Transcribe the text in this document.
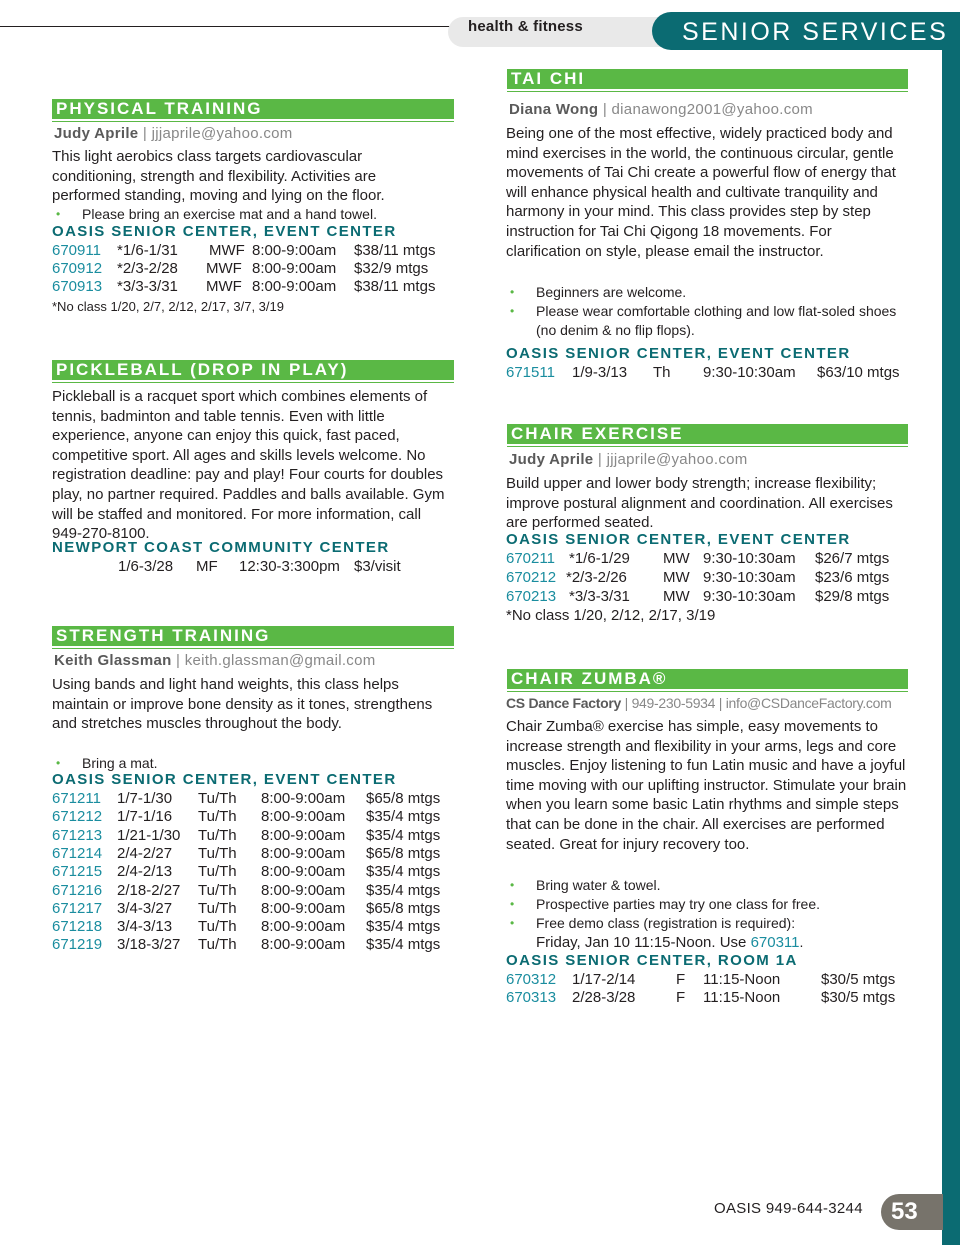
health & fitness	SENIOR SERVICES
PHYSICAL TRAINING
Judy Aprile | jjjaprile@yahoo.com
This light aerobics class targets cardiovascular conditioning, strength and flexibility. Activities are performed standing, moving and lying on the floor.
• Please bring an exercise mat and a hand towel.
OASIS SENIOR CENTER, EVENT CENTER
670911 *1/6-1/31 MWF 8:00-9:00am $38/11 mtgs
670912 *2/3-2/28 MWF 8:00-9:00am $32/9 mtgs
670913 *3/3-3/31 MWF 8:00-9:00am $38/11 mtgs
*No class 1/20, 2/7, 2/12, 2/17, 3/7, 3/19
PICKLEBALL (DROP IN PLAY)
Pickleball is a racquet sport which combines elements of tennis, badminton and table tennis. Even with little experience, anyone can enjoy this quick, fast paced, competitive sport. All ages and skills levels welcome. No registration deadline: pay and play! Four courts for doubles play, no partner required. Paddles and balls available. Gym will be staffed and monitored. For more information, call 949-270-8100.
NEWPORT COAST COMMUNITY CENTER
1/6-3/28 MF 12:30-3:300pm $3/visit
STRENGTH TRAINING
Keith Glassman | keith.glassman@gmail.com
Using bands and light hand weights, this class helps maintain or improve bone density as it tones, strengthens and stretches muscles throughout the body.
• Bring a mat.
OASIS SENIOR CENTER, EVENT CENTER
671211 1/7-1/30 Tu/Th 8:00-9:00am $65/8 mtgs
671212 1/7-1/16 Tu/Th 8:00-9:00am $35/4 mtgs
671213 1/21-1/30 Tu/Th 8:00-9:00am $35/4 mtgs
671214 2/4-2/27 Tu/Th 8:00-9:00am $65/8 mtgs
671215 2/4-2/13 Tu/Th 8:00-9:00am $35/4 mtgs
671216 2/18-2/27 Tu/Th 8:00-9:00am $35/4 mtgs
671217 3/4-3/27 Tu/Th 8:00-9:00am $65/8 mtgs
671218 3/4-3/13 Tu/Th 8:00-9:00am $35/4 mtgs
671219 3/18-3/27 Tu/Th 8:00-9:00am $35/4 mtgs
TAI CHI
Diana Wong | dianawong2001@yahoo.com
Being one of the most effective, widely practiced body and mind exercises in the world, the continuous circular, gentle movements of Tai Chi create a powerful flow of energy that will enhance physical health and cultivate tranquility and harmony in your mind. This class provides step by step instruction for Tai Chi Qigong 18 movements. For clarification on style, please email the instructor.
• Beginners are welcome.
• Please wear comfortable clothing and low flat-soled shoes (no denim & no flip flops).
OASIS SENIOR CENTER, EVENT CENTER
671511 1/9-3/13 Th 9:30-10:30am $63/10 mtgs
CHAIR EXERCISE
Judy Aprile | jjjaprile@yahoo.com
Build upper and lower body strength; increase flexibility; improve postural alignment and coordination. All exercises are performed seated.
OASIS SENIOR CENTER, EVENT CENTER
670211 *1/6-1/29 MW 9:30-10:30am $26/7 mtgs
670212 *2/3-2/26 MW 9:30-10:30am $23/6 mtgs
670213 *3/3-3/31 MW 9:30-10:30am $29/8 mtgs
*No class 1/20, 2/12, 2/17, 3/19
CHAIR ZUMBA®
CS Dance Factory | 949-230-5934 | info@CSDanceFactory.com
Chair Zumba® exercise has simple, easy movements to increase strength and flexibility in your arms, legs and core muscles. Enjoy listening to fun Latin music and have a joyful time moving with our uplifting instructor. Stimulate your brain when you learn some basic Latin rhythms and simple steps that can be done in the chair. All exercises are performed seated. Great for injury recovery too.
• Bring water & towel.
• Prospective parties may try one class for free.
• Free demo class (registration is required):
Friday, Jan 10 11:15-Noon. Use 670311.
OASIS SENIOR CENTER, ROOM 1A
670312 1/17-2/14	F 11:15-Noon	$30/5 mtgs
670313 2/28-3/28	F 11:15-Noon	$30/5 mtgs
OASIS 949-644-3244	53
